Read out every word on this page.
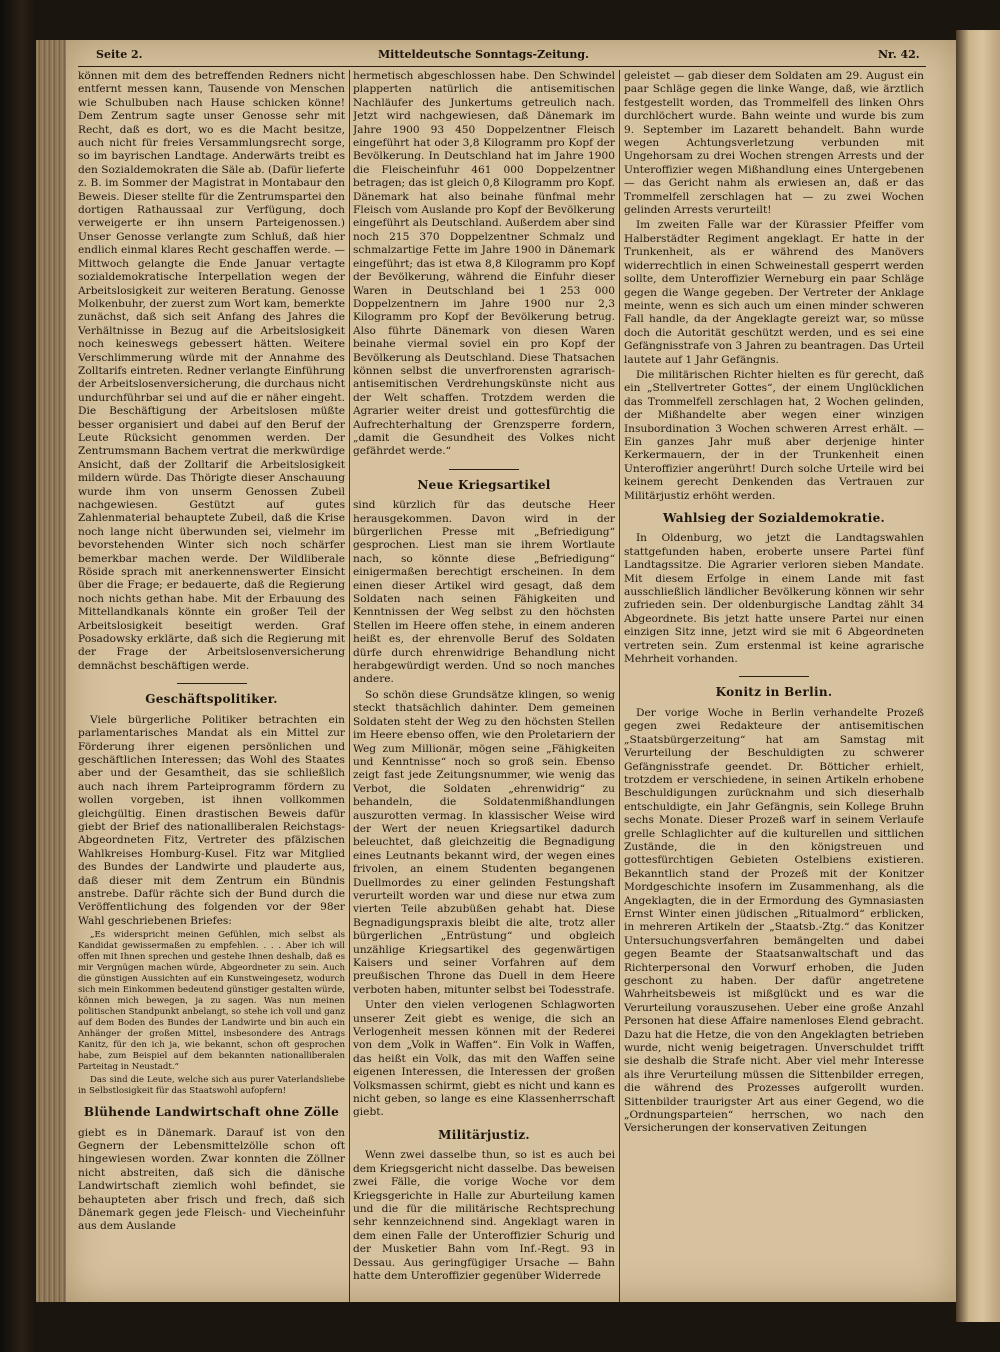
Seite 2.	Mitteldeutsche Sonntags-Zeitung.	Nr. 42.

können mit dem des betreffenden Redners nicht entfernt messen kann, Tausende von Menschen wie Schulbuben nach Hause schicken könne! Dem Zentrum sagte unser Genosse sehr mit Recht, daß es dort, wo es die Macht besitze, auch nicht für freies Versammlungsrecht sorge, so im bayrischen Landtage. Anderwärts treibt es den Sozialdemokraten die Säle ab. (Dafür lieferte z. B. im Sommer der Magistrat in Montabaur den Beweis. Dieser stellte für die Zentrumspartei den dortigen Rathaussaal zur Verfügung, doch verweigerte er ihn unsern Parteigenossen.) Unser Genosse verlangte zum Schluß, daß hier endlich einmal klares Recht geschaffen werde. — Mittwoch gelangte die Ende Januar vertagte sozialdemokratische Interpellation wegen der Arbeitslosigkeit zur weiteren Beratung. Genosse Molkenbuhr, der zuerst zum Wort kam, bemerkte zunächst, daß sich seit Anfang des Jahres die Verhältnisse in Bezug auf die Arbeitslosigkeit noch keineswegs gebessert hätten. Weitere Verschlimmerung würde mit der Annahme des Zolltarifs eintreten. Redner verlangte Einführung der Arbeitslosenversicherung, die durchaus nicht undurchführbar sei und auf die er näher eingeht. Die Beschäftigung der Arbeitslosen müßte besser organisiert und dabei auf den Beruf der Leute Rücksicht genommen werden. Der Zentrumsmann Bachem vertrat die merkwürdige Ansicht, daß der Zolltarif die Arbeitslosigkeit mildern würde. Das Thörigte dieser Anschauung wurde ihm von unserm Genossen Zubeil nachgewiesen. Gestützt auf gutes Zahlenmaterial behauptete Zubeil, daß die Krise noch lange nicht überwunden sei, vielmehr im bevorstehenden Winter sich noch schärfer bemerkbar machen werde. Der Wildliberale Röside sprach mit anerkennenswerter Einsicht über die Frage; er bedauerte, daß die Regierung noch nichts gethan habe. Mit der Erbauung des Mittellandkanals könnte ein großer Teil der Arbeitslosigkeit beseitigt werden. Graf Posadowsky erklärte, daß sich die Regierung mit der Frage der Arbeitslosenversicherung demnächst beschäftigen werde.

Geschäftspolitiker.

Viele bürgerliche Politiker betrachten ein parlamentarisches Mandat als ein Mittel zur Förderung ihrer eigenen persönlichen und geschäftlichen Interessen; das Wohl des Staates aber und der Gesamtheit, das sie schließlich auch nach ihrem Parteiprogramm fördern zu wollen vorgeben, ist ihnen vollkommen gleichgültig. Einen drastischen Beweis dafür giebt der Brief des nationalliberalen Reichstags-Abgeordneten Fitz, Vertreter des pfälzischen Wahlkreises Homburg-Kusel. Fitz war Mitglied des Bundes der Landwirte und plauderte aus, daß dieser mit dem Zentrum ein Bündnis anstrebe. Dafür rächte sich der Bund durch die Veröffentlichung des folgenden vor der 98er Wahl geschriebenen Briefes:

„Es widerspricht meinen Gefühlen, mich selbst als Kandidat gewissermaßen zu empfehlen. . . . Aber ich will offen mit Ihnen sprechen und gestehe Ihnen deshalb, daß es mir Vergnügen machen würde, Abgeordneter zu sein. Auch die günstigen Aussichten auf ein Kunstweingesetz, wodurch sich mein Einkommen bedeutend günstiger gestalten würde, können mich bewegen, ja zu sagen. Was nun meinen politischen Standpunkt anbelangt, so stehe ich voll und ganz auf dem Boden des Bundes der Landwirte und bin auch ein Anhänger der großen Mittel, insbesondere des Antrags Kanitz, für den ich ja, wie bekannt, schon oft gesprochen habe, zum Beispiel auf dem bekannten nationalliberalen Parteitag in Neustadt.“

Das sind die Leute, welche sich aus purer Vaterlandsliebe in Selbstlosigkeit für das Staatswohl aufopfern!

Blühende Landwirtschaft ohne Zölle

giebt es in Dänemark. Darauf ist von den Gegnern der Lebensmittelzölle schon oft hingewiesen worden. Zwar konnten die Zöllner nicht abstreiten, daß sich die dänische Landwirtschaft ziemlich wohl befindet, sie behaupteten aber frisch und frech, daß sich Dänemark gegen jede Fleisch- und Viecheinfuhr aus dem Auslande

hermetisch abgeschlossen habe. Den Schwindel plapperten natürlich die antisemitischen Nachläufer des Junkertums getreulich nach. Jetzt wird nachgewiesen, daß Dänemark im Jahre 1900 93 450 Doppelzentner Fleisch eingeführt hat oder 3,8 Kilogramm pro Kopf der Bevölkerung. In Deutschland hat im Jahre 1900 die Fleischeinfuhr 461 000 Doppelzentner betragen; das ist gleich 0,8 Kilogramm pro Kopf. Dänemark hat also beinahe fünfmal mehr Fleisch vom Auslande pro Kopf der Bevölkerung eingeführt als Deutschland. Außerdem aber sind noch 215 370 Doppelzentner Schmalz und schmalzartige Fette im Jahre 1900 in Dänemark eingeführt; das ist etwa 8,8 Kilogramm pro Kopf der Bevölkerung, während die Einfuhr dieser Waren in Deutschland bei 1 253 000 Doppelzentnern im Jahre 1900 nur 2,3 Kilogramm pro Kopf der Bevölkerung betrug. Also führte Dänemark von diesen Waren beinahe viermal soviel ein pro Kopf der Bevölkerung als Deutschland. Diese Thatsachen können selbst die unverfrorensten agrarisch-antisemitischen Verdrehungskünste nicht aus der Welt schaffen. Trotzdem werden die Agrarier weiter dreist und gottesfürchtig die Aufrechterhaltung der Grenzsperre fordern, „damit die Gesundheit des Volkes nicht gefährdet werde.“

Neue Kriegsartikel

sind kürzlich für das deutsche Heer herausgekommen. Davon wird in der bürgerlichen Presse mit „Befriedigung“ gesprochen. Liest man sie ihrem Wortlaute nach, so könnte diese „Befriedigung“ einigermaßen berechtigt erscheinen. In dem einen dieser Artikel wird gesagt, daß dem Soldaten nach seinen Fähigkeiten und Kenntnissen der Weg selbst zu den höchsten Stellen im Heere offen stehe, in einem anderen heißt es, der ehrenvolle Beruf des Soldaten dürfe durch ehrenwidrige Behandlung nicht herabgewürdigt werden. Und so noch manches andere.

So schön diese Grundsätze klingen, so wenig steckt thatsächlich dahinter. Dem gemeinen Soldaten steht der Weg zu den höchsten Stellen im Heere ebenso offen, wie den Proletariern der Weg zum Millionär, mögen seine „Fähigkeiten und Kenntnisse“ noch so groß sein. Ebenso zeigt fast jede Zeitungsnummer, wie wenig das Verbot, die Soldaten „ehrenwidrig“ zu behandeln, die Soldatenmißhandlungen auszurotten vermag. In klassischer Weise wird der Wert der neuen Kriegsartikel dadurch beleuchtet, daß gleichzeitig die Begnadigung eines Leutnants bekannt wird, der wegen eines frivolen, an einem Studenten begangenen Duellmordes zu einer gelinden Festungshaft verurteilt worden war und diese nur etwa zum vierten Teile abzubüßen gehabt hat. Diese Begnadigungspraxis bleibt die alte, trotz aller bürgerlichen „Entrüstung“ und obgleich unzählige Kriegsartikel des gegenwärtigen Kaisers und seiner Vorfahren auf dem preußischen Throne das Duell in dem Heere verboten haben, mitunter selbst bei Todesstrafe.

Unter den vielen verlogenen Schlagworten unserer Zeit giebt es wenige, die sich an Verlogenheit messen können mit der Rederei von dem „Volk in Waffen“. Ein Volk in Waffen, das heißt ein Volk, das mit den Waffen seine eigenen Interessen, die Interessen der großen Volksmassen schirmt, giebt es nicht und kann es nicht geben, so lange es eine Klassenherrschaft giebt.

Militärjustiz.

Wenn zwei dasselbe thun, so ist es auch bei dem Kriegsgericht nicht dasselbe. Das beweisen zwei Fälle, die vorige Woche vor dem Kriegsgerichte in Halle zur Aburteilung kamen und die für die militärische Rechtsprechung sehr kennzeichnend sind. Angeklagt waren in dem einen Falle der Unteroffizier Schurig und der Musketier Bahn vom Inf.-Regt. 93 in Dessau. Aus geringfügiger Ursache — Bahn hatte dem Unteroffizier gegenüber Widerrede

geleistet — gab dieser dem Soldaten am 29. August ein paar Schläge gegen die linke Wange, daß, wie ärztlich festgestellt worden, das Trommelfell des linken Ohrs durchlöchert wurde. Bahn weinte und wurde bis zum 9. September im Lazarett behandelt. Bahn wurde wegen Achtungsverletzung verbunden mit Ungehorsam zu drei Wochen strengen Arrests und der Unteroffizier wegen Mißhandlung eines Untergebenen — das Gericht nahm als erwiesen an, daß er das Trommelfell zerschlagen hat — zu zwei Wochen gelinden Arrests verurteilt!

Im zweiten Falle war der Kürassier Pfeiffer vom Halberstädter Regiment angeklagt. Er hatte in der Trunkenheit, als er während des Manövers widerrechtlich in einen Schweinestall gesperrt werden sollte, dem Unteroffizier Werneburg ein paar Schläge gegen die Wange gegeben. Der Vertreter der Anklage meinte, wenn es sich auch um einen minder schweren Fall handle, da der Angeklagte gereizt war, so müsse doch die Autorität geschützt werden, und es sei eine Gefängnisstrafe von 3 Jahren zu beantragen. Das Urteil lautete auf 1 Jahr Gefängnis.

Die militärischen Richter hielten es für gerecht, daß ein „Stellvertreter Gottes“, der einem Unglücklichen das Trommelfell zerschlagen hat, 2 Wochen gelinden, der Mißhandelte aber wegen einer winzigen Insubordination 3 Wochen schweren Arrest erhält. — Ein ganzes Jahr muß aber derjenige hinter Kerkermauern, der in der Trunkenheit einen Unteroffizier angerührt! Durch solche Urteile wird bei keinem gerecht Denkenden das Vertrauen zur Militärjustiz erhöht werden.

Wahlsieg der Sozialdemokratie.

In Oldenburg, wo jetzt die Landtagswahlen stattgefunden haben, eroberte unsere Partei fünf Landtagssitze. Die Agrarier verloren sieben Mandate. Mit diesem Erfolge in einem Lande mit fast ausschließlich ländlicher Bevölkerung können wir sehr zufrieden sein. Der oldenburgische Landtag zählt 34 Abgeordnete. Bis jetzt hatte unsere Partei nur einen einzigen Sitz inne, jetzt wird sie mit 6 Abgeordneten vertreten sein. Zum erstenmal ist keine agrarische Mehrheit vorhanden.

Konitz in Berlin.

Der vorige Woche in Berlin verhandelte Prozeß gegen zwei Redakteure der antisemitischen „Staatsbürgerzeitung“ hat am Samstag mit Verurteilung der Beschuldigten zu schwerer Gefängnisstrafe geendet. Dr. Bötticher erhielt, trotzdem er verschiedene, in seinen Artikeln erhobene Beschuldigungen zurücknahm und sich dieserhalb entschuldigte, ein Jahr Gefängnis, sein Kollege Bruhn sechs Monate. Dieser Prozeß warf in seinem Verlaufe grelle Schlaglichter auf die kulturellen und sittlichen Zustände, die in den königstreuen und gottesfürchtigen Gebieten Ostelbiens existieren. Bekanntlich stand der Prozeß mit der Konitzer Mordgeschichte insofern im Zusammenhang, als die Angeklagten, die in der Ermordung des Gymnasiasten Ernst Winter einen jüdischen „Ritualmord“ erblicken, in mehreren Artikeln der „Staatsb.-Ztg.“ das Konitzer Untersuchungsverfahren bemängelten und dabei gegen Beamte der Staatsanwaltschaft und das Richterpersonal den Vorwurf erhoben, die Juden geschont zu haben. Der dafür angetretene Wahrheitsbeweis ist mißglückt und es war die Verurteilung vorauszusehen. Ueber eine große Anzahl Personen hat diese Affaire namenloses Elend gebracht. Dazu hat die Hetze, die von den Angeklagten betrieben wurde, nicht wenig beigetragen. Unverschuldet trifft sie deshalb die Strafe nicht. Aber viel mehr Interesse als ihre Verurteilung müssen die Sittenbilder erregen, die während des Prozesses aufgerollt wurden. Sittenbilder traurigster Art aus einer Gegend, wo die „Ordnungsparteien“ herrschen, wo nach den Versicherungen der konservativen Zeitungen
